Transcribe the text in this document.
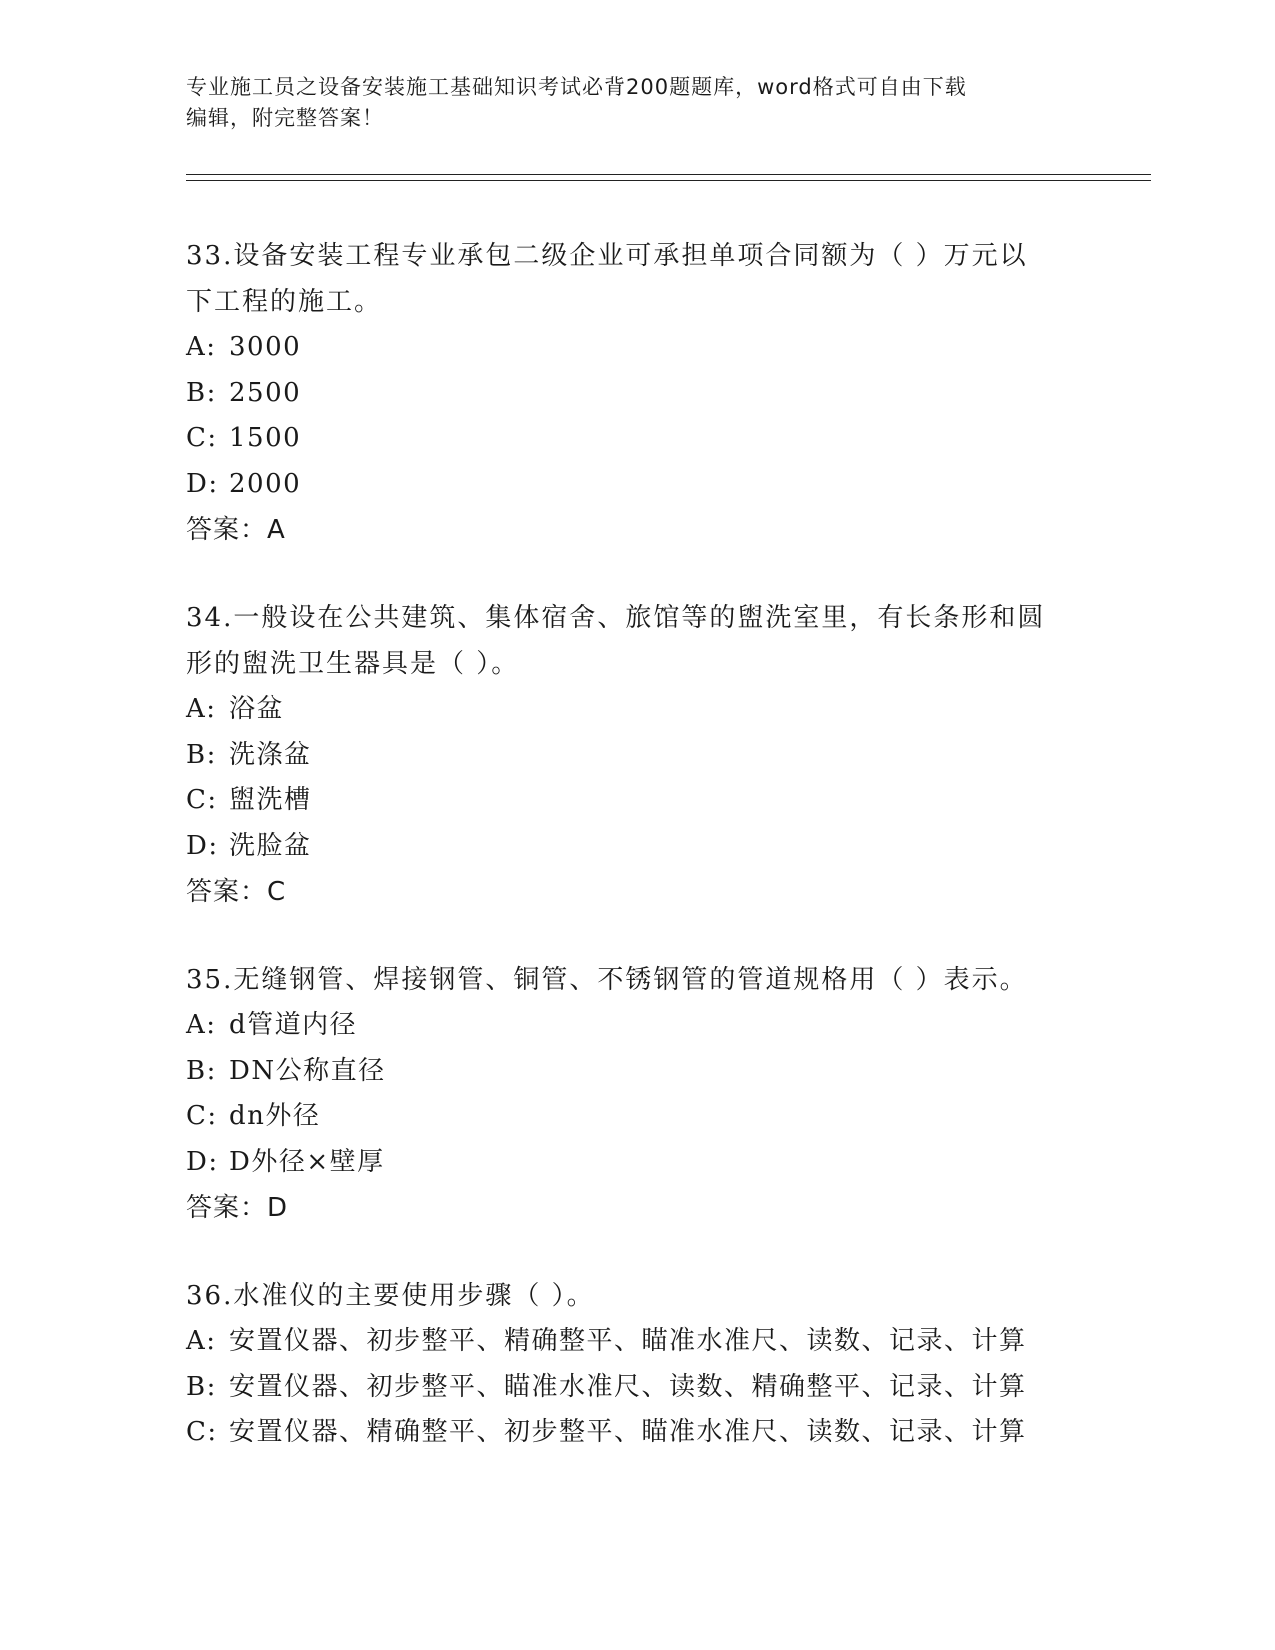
专业施工员之设备安装施工基础知识考试必背200题题库，word格式可自由下载
编辑，附完整答案！

33.设备安装工程专业承包二级企业可承担单项合同额为（ ）万元以
下工程的施工。

A: 3000

B: 2500

C: 1500

D: 2000

答案：A

34.一般设在公共建筑、集体宿舍、旅馆等的盥洗室里，有长条形和圆
形的盥洗卫生器具是（ ）。

A: 浴盆

B: 洗涤盆

C: 盥洗槽

D: 洗脸盆

答案：C

35.无缝钢管、焊接钢管、铜管、不锈钢管的管道规格用（ ）表示。

A: d管道内径

B: DN公称直径

C: dn外径

D: D外径×壁厚

答案：D

36.水准仪的主要使用步骤（ ）。

A: 安置仪器、初步整平、精确整平、瞄准水准尺、读数、记录、计算

B: 安置仪器、初步整平、瞄准水准尺、读数、精确整平、记录、计算

C: 安置仪器、精确整平、初步整平、瞄准水准尺、读数、记录、计算
